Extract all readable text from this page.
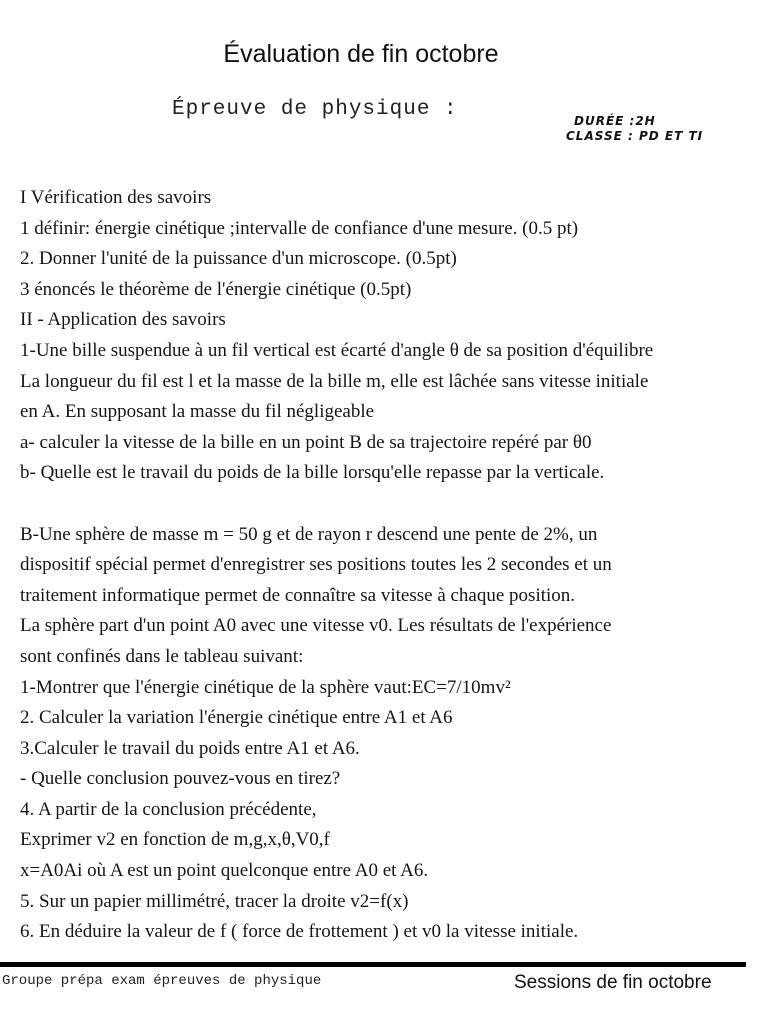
Évaluation de fin octobre
Épreuve de physique :	DURÉE :2H
CLASSE : PD ET TI
I Vérification des savoirs
1 définir: énergie cinétique ;intervalle de confiance d'une mesure. (0.5 pt)
2. Donner l'unité de la puissance d'un microscope. (0.5pt)
3 énoncés le théorème de l'énergie cinétique (0.5pt)
II - Application des savoirs
1-Une bille suspendue à un fil vertical est écarté d'angle θ de sa position d'équilibre
La longueur du fil est l et la masse de la bille m, elle est lâchée sans vitesse initiale
en A. En supposant la masse du fil négligeable
a- calculer la vitesse de la bille en un point B de sa trajectoire repéré par θ0
b- Quelle est le travail du poids de la bille lorsqu'elle repasse par la verticale.
B-Une sphère de masse m = 50 g et de rayon r descend une pente de 2%, un
dispositif spécial permet d'enregistrer ses positions toutes les 2 secondes et un
traitement informatique permet de connaître sa vitesse à chaque position.
La sphère part d'un point A0 avec une vitesse v0. Les résultats de l'expérience
sont confinés dans le tableau suivant:
1-Montrer que l'énergie cinétique de la sphère vaut:EC=7/10mv²
2. Calculer la variation l'énergie cinétique entre A1 et A6
3.Calculer le travail du poids entre A1 et A6.
- Quelle conclusion pouvez-vous en tirez?
4. A partir de la conclusion précédente,
Exprimer v2 en fonction de m,g,x,θ,V0,f
x=A0Ai où A est un point quelconque entre A0 et A6.
5. Sur un papier millimétré, tracer la droite v2=f(x)
6. En déduire la valeur de f ( force de frottement ) et v0 la vitesse initiale.
Groupe prépa exam épreuves de physique	Sessions de fin octobre
